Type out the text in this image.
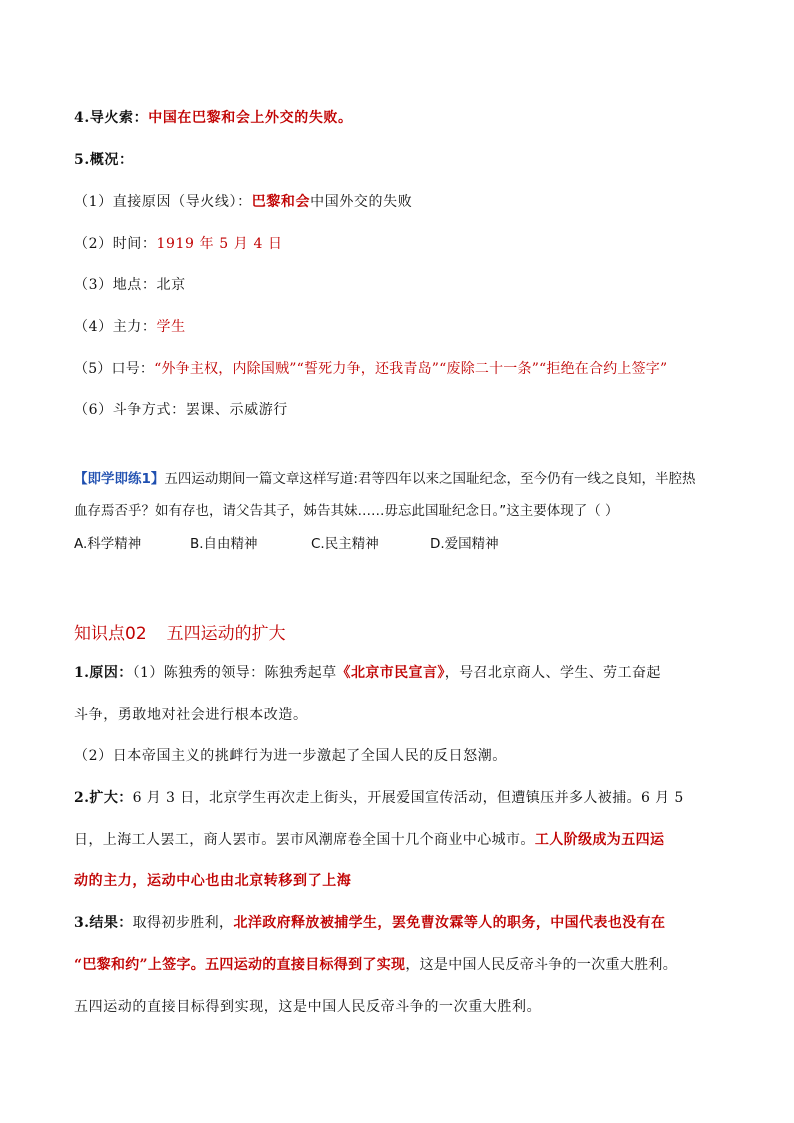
4.导火索：中国在巴黎和会上外交的失败。
5.概况：
（1）直接原因（导火线）：巴黎和会中国外交的失败
（2）时间：1919 年 5 月 4 日
（3）地点：北京
（4）主力：学生
（5）口号：“外争主权，内除国贼”“誓死力争，还我青岛”“废除二十一条”“拒绝在合约上签字”
（6）斗争方式：罢课、示威游行
【即学即练1】五四运动期间一篇文章这样写道:君等四年以来之国耻纪念，至今仍有一线之良知，半腔热
血存焉否乎？如有存也，请父告其子，姊告其妹……毋忘此国耻纪念日。”这主要体现了（ ）
A.科学精神	B.自由精神	C.民主精神	D.爱国精神
知识点02 五四运动的扩大
1.原因：（1）陈独秀的领导：陈独秀起草《北京市民宣言》，号召北京商人、学生、劳工奋起
斗争，勇敢地对社会进行根本改造。
（2）日本帝国主义的挑衅行为进一步激起了全国人民的反日怒潮。
2.扩大：6 月 3 日，北京学生再次走上街头，开展爱国宣传活动，但遭镇压并多人被捕。6 月 5
日，上海工人罢工，商人罢市。罢市风潮席卷全国十几个商业中心城市。工人阶级成为五四运
动的主力，运动中心也由北京转移到了上海
3.结果：取得初步胜利，北洋政府释放被捕学生，罢免曹汝霖等人的职务，中国代表也没有在
“巴黎和约”上签字。五四运动的直接目标得到了实现，这是中国人民反帝斗争的一次重大胜利。
五四运动的直接目标得到实现，这是中国人民反帝斗争的一次重大胜利。
